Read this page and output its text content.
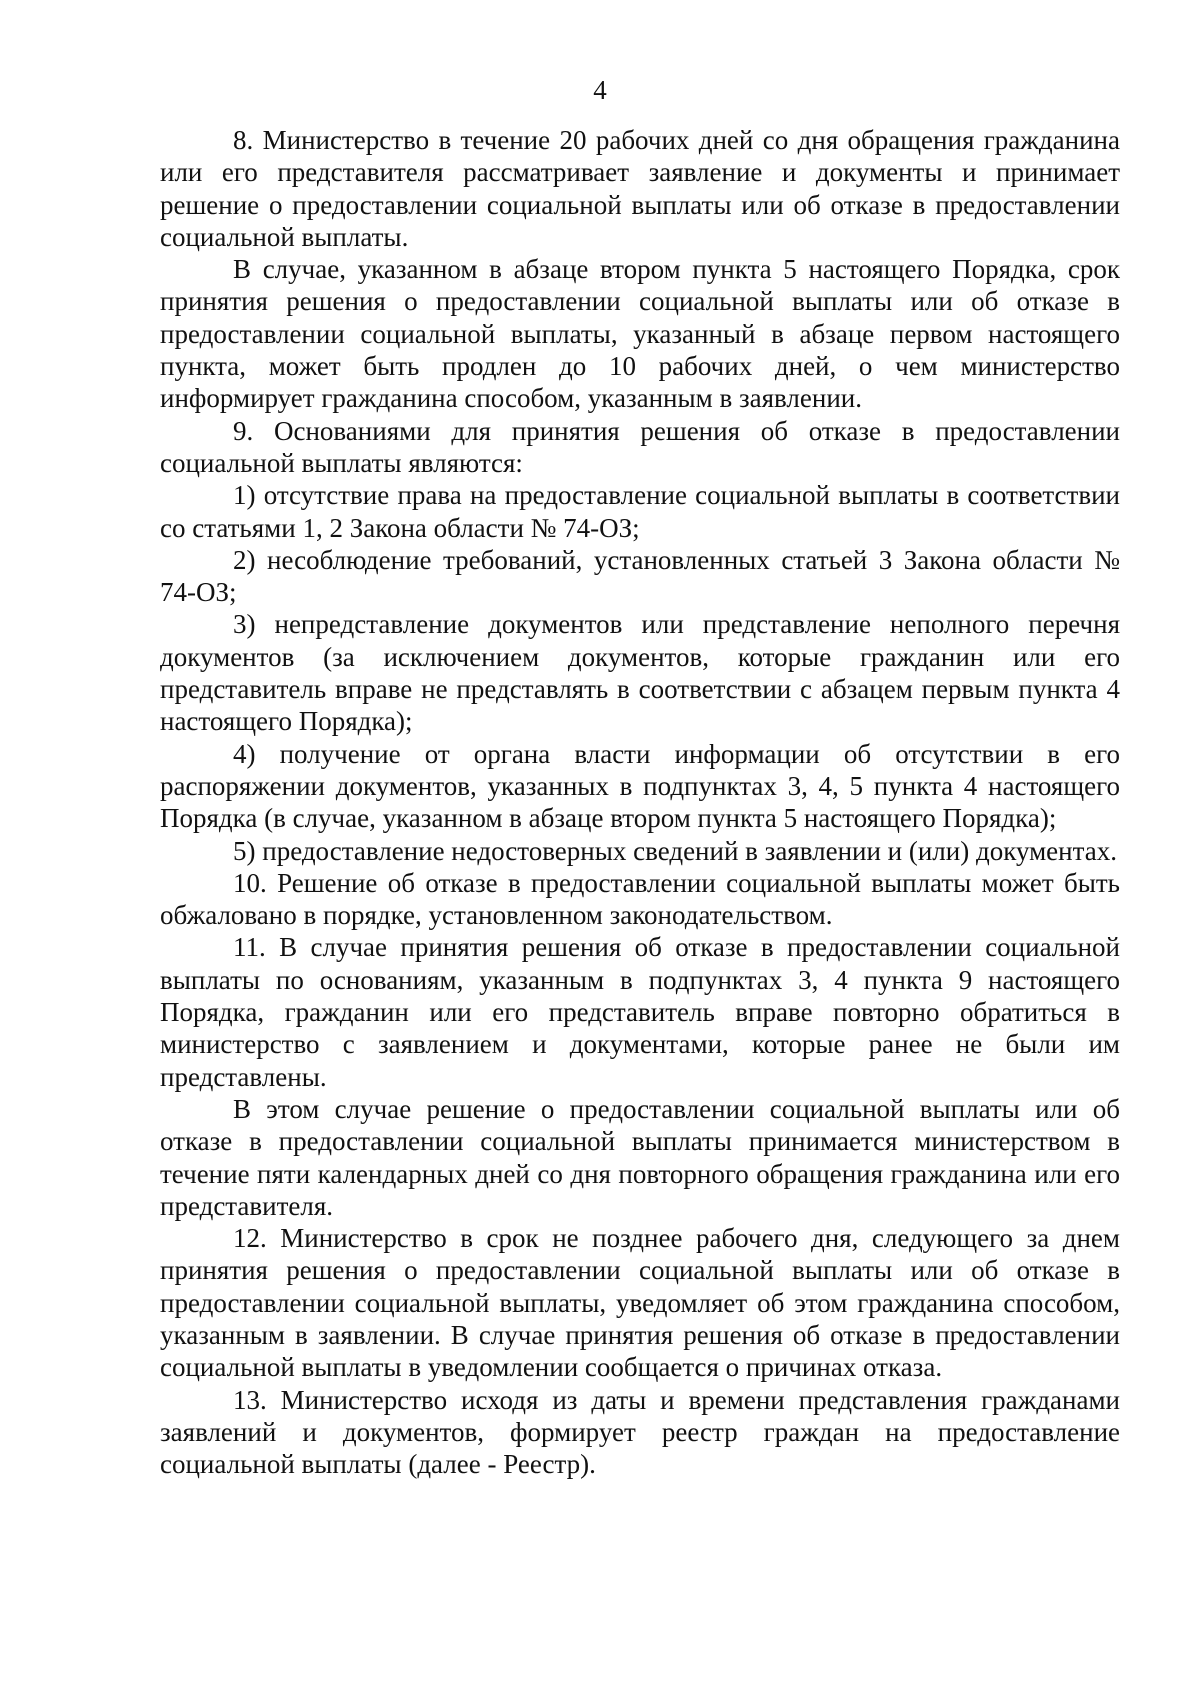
4

8. Министерство в течение 20 рабочих дней со дня обращения гражданина или его представителя рассматривает заявление и документы и принимает решение о предоставлении социальной выплаты или об отказе в предоставлении социальной выплаты.

В случае, указанном в абзаце втором пункта 5 настоящего Порядка, срок принятия решения о предоставлении социальной выплаты или об отказе в предоставлении социальной выплаты, указанный в абзаце первом настоящего пункта, может быть продлен до 10 рабочих дней, о чем министерство информирует гражданина способом, указанным в заявлении.

9. Основаниями для принятия решения об отказе в предоставлении социальной выплаты являются:

1) отсутствие права на предоставление социальной выплаты в соответствии со статьями 1, 2 Закона области № 74-ОЗ;

2) несоблюдение требований, установленных статьей 3 Закона области № 74-ОЗ;

3) непредставление документов или представление неполного перечня документов (за исключением документов, которые гражданин или его представитель вправе не представлять в соответствии с абзацем первым пункта 4 настоящего Порядка);

4) получение от органа власти информации об отсутствии в его распоряжении документов, указанных в подпунктах 3, 4, 5 пункта 4 настоящего Порядка (в случае, указанном в абзаце втором пункта 5 настоящего Порядка);

5) предоставление недостоверных сведений в заявлении и (или) документах.

10. Решение об отказе в предоставлении социальной выплаты может быть обжаловано в порядке, установленном законодательством.

11. В случае принятия решения об отказе в предоставлении социальной выплаты по основаниям, указанным в подпунктах 3, 4 пункта 9 настоящего Порядка, гражданин или его представитель вправе повторно обратиться в министерство с заявлением и документами, которые ранее не были им представлены.

В этом случае решение о предоставлении социальной выплаты или об отказе в предоставлении социальной выплаты принимается министерством в течение пяти календарных дней со дня повторного обращения гражданина или его представителя.

12. Министерство в срок не позднее рабочего дня, следующего за днем принятия решения о предоставлении социальной выплаты или об отказе в предоставлении социальной выплаты, уведомляет об этом гражданина способом, указанным в заявлении. В случае принятия решения об отказе в предоставлении социальной выплаты в уведомлении сообщается о причинах отказа.

13. Министерство исходя из даты и времени представления гражданами заявлений и документов, формирует реестр граждан на предоставление социальной выплаты (далее - Реестр).
